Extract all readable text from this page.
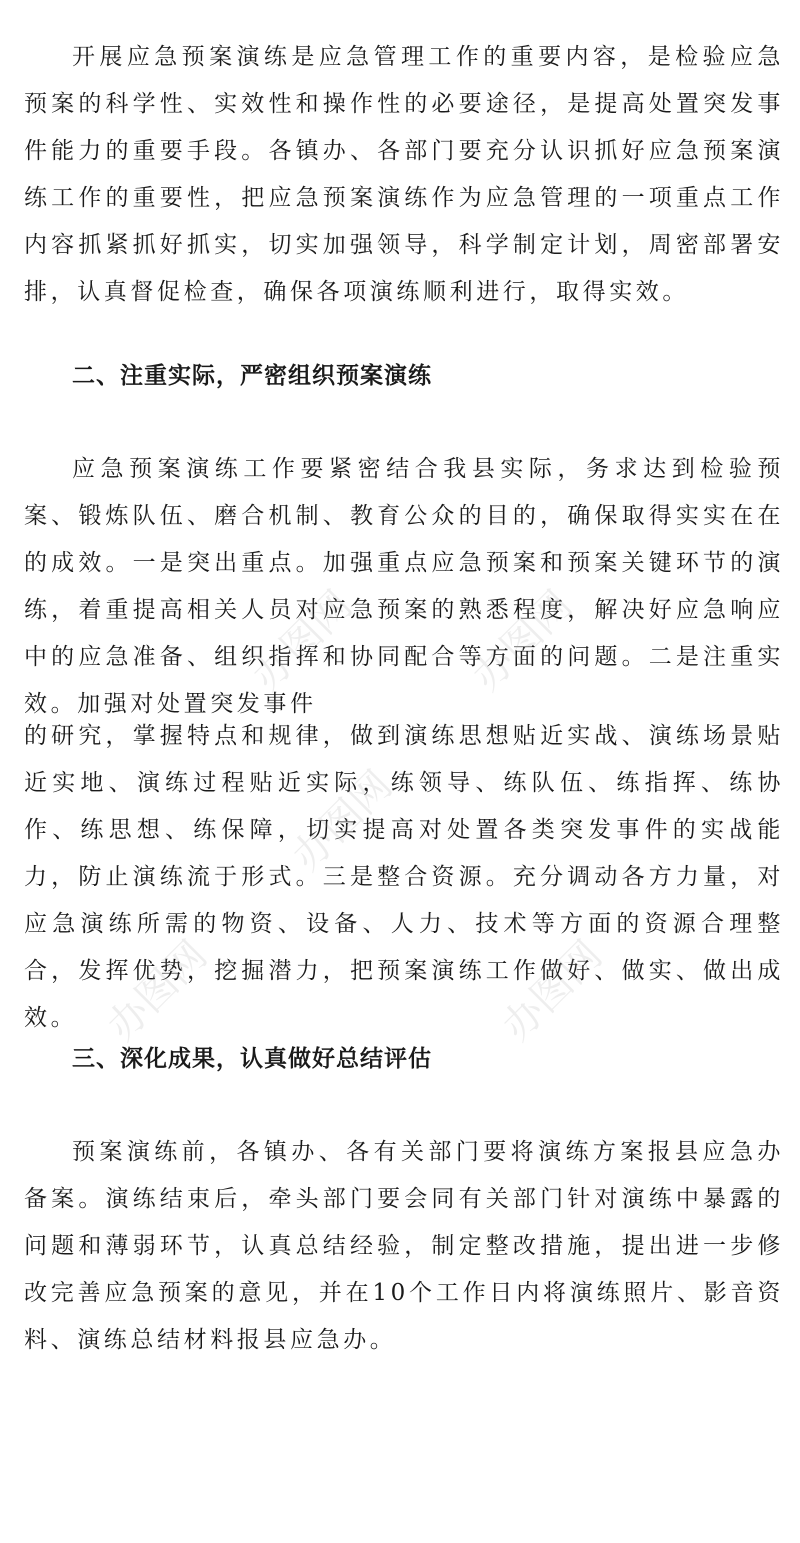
开展应急预案演练是应急管理工作的重要内容，是检验应急预案的科学性、实效性和操作性的必要途径，是提高处置突发事件能力的重要手段。各镇办、各部门要充分认识抓好应急预案演练工作的重要性，把应急预案演练作为应急管理的一项重点工作内容抓紧抓好抓实，切实加强领导，科学制定计划，周密部署安排，认真督促检查，确保各项演练顺利进行，取得实效。

二、注重实际，严密组织预案演练

应急预案演练工作要紧密结合我县实际，务求达到检验预案、锻炼队伍、磨合机制、教育公众的目的，确保取得实实在在的成效。一是突出重点。加强重点应急预案和预案关键环节的演练，着重提高相关人员对应急预案的熟悉程度，解决好应急响应中的应急准备、组织指挥和协同配合等方面的问题。二是注重实效。加强对处置突发事件

的研究，掌握特点和规律，做到演练思想贴近实战、演练场景贴近实地、演练过程贴近实际，练领导、练队伍、练指挥、练协作、练思想、练保障，切实提高对处置各类突发事件的实战能力，防止演练流于形式。三是整合资源。充分调动各方力量，对应急演练所需的物资、设备、人力、技术等方面的资源合理整合，发挥优势，挖掘潜力，把预案演练工作做好、做实、做出成效。

三、深化成果，认真做好总结评估

预案演练前，各镇办、各有关部门要将演练方案报县应急办备案。演练结束后，牵头部门要会同有关部门针对演练中暴露的问题和薄弱环节，认真总结经验，制定整改措施，提出进一步修改完善应急预案的意见，并在10个工作日内将演练照片、影音资料、演练总结材料报县应急办。

办图网	办图网
办图网
办图网	办图网
